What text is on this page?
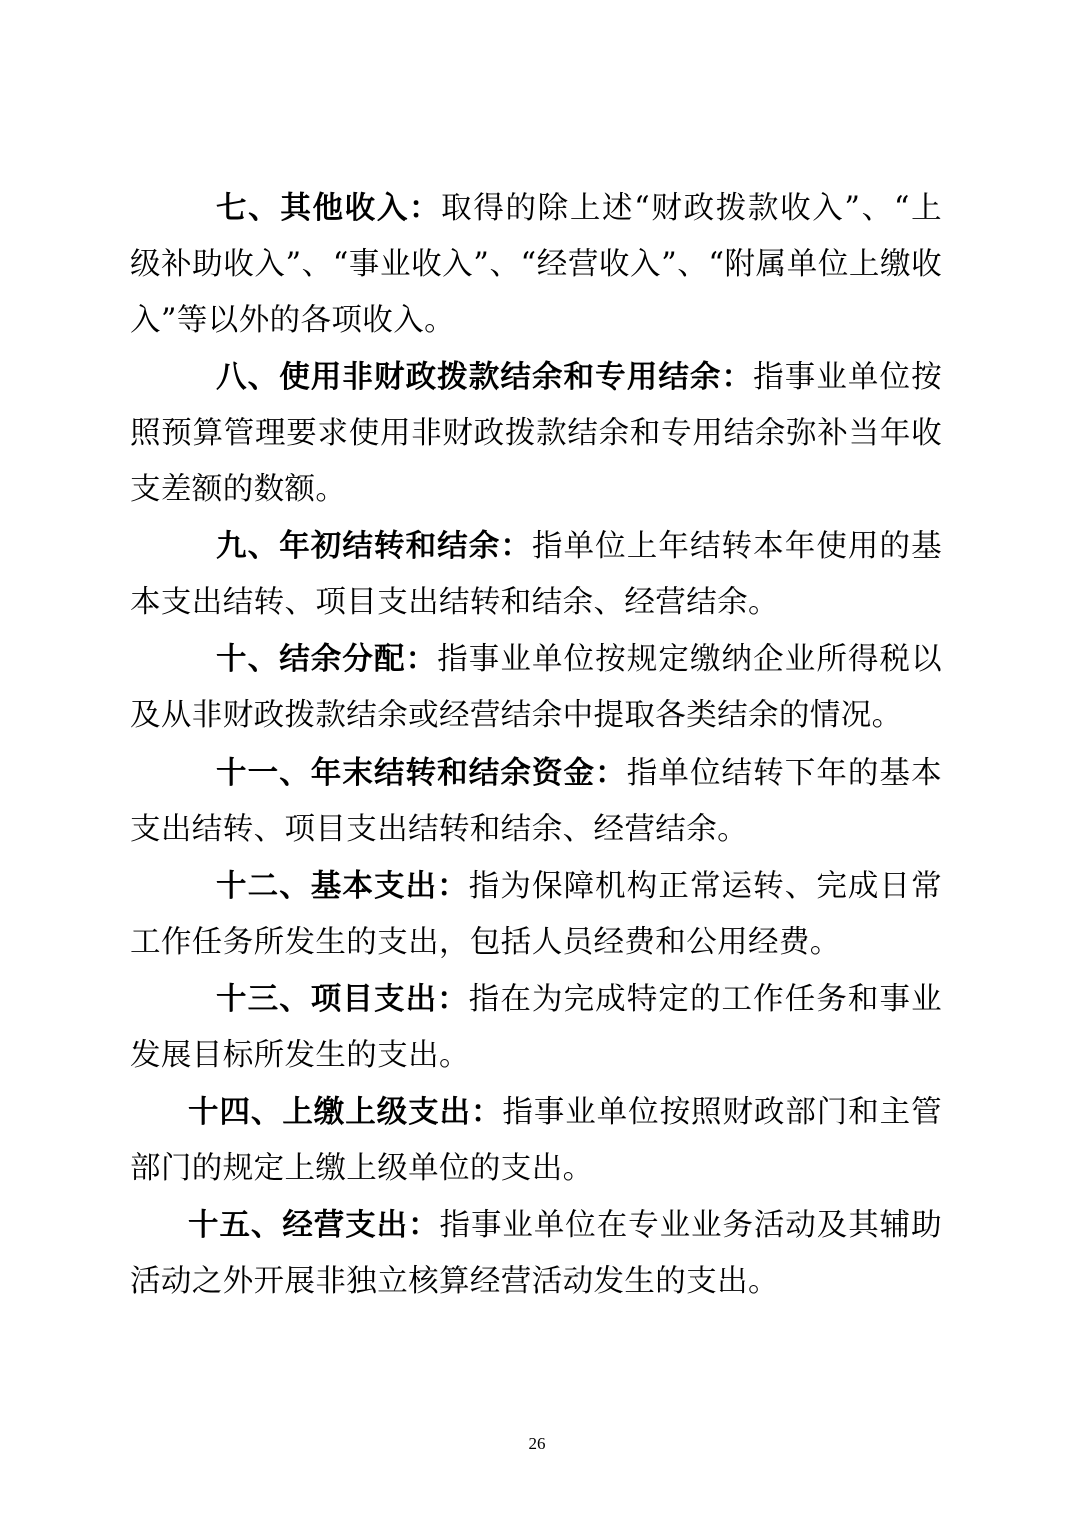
七、其他收入：取得的除上述“财政拨款收入”、“上级补助收入”、“事业收入”、“经营收入”、“附属单位上缴收入”等以外的各项收入。

八、使用非财政拨款结余和专用结余：指事业单位按照预算管理要求使用非财政拨款结余和专用结余弥补当年收支差额的数额。

九、年初结转和结余：指单位上年结转本年使用的基本支出结转、项目支出结转和结余、经营结余。

十、结余分配：指事业单位按规定缴纳企业所得税以及从非财政拨款结余或经营结余中提取各类结余的情况。

十一、年末结转和结余资金：指单位结转下年的基本支出结转、项目支出结转和结余、经营结余。

十二、基本支出：指为保障机构正常运转、完成日常工作任务所发生的支出，包括人员经费和公用经费。

十三、项目支出：指在为完成特定的工作任务和事业发展目标所发生的支出。

十四、上缴上级支出：指事业单位按照财政部门和主管部门的规定上缴上级单位的支出。

十五、经营支出：指事业单位在专业业务活动及其辅助活动之外开展非独立核算经营活动发生的支出。

26
